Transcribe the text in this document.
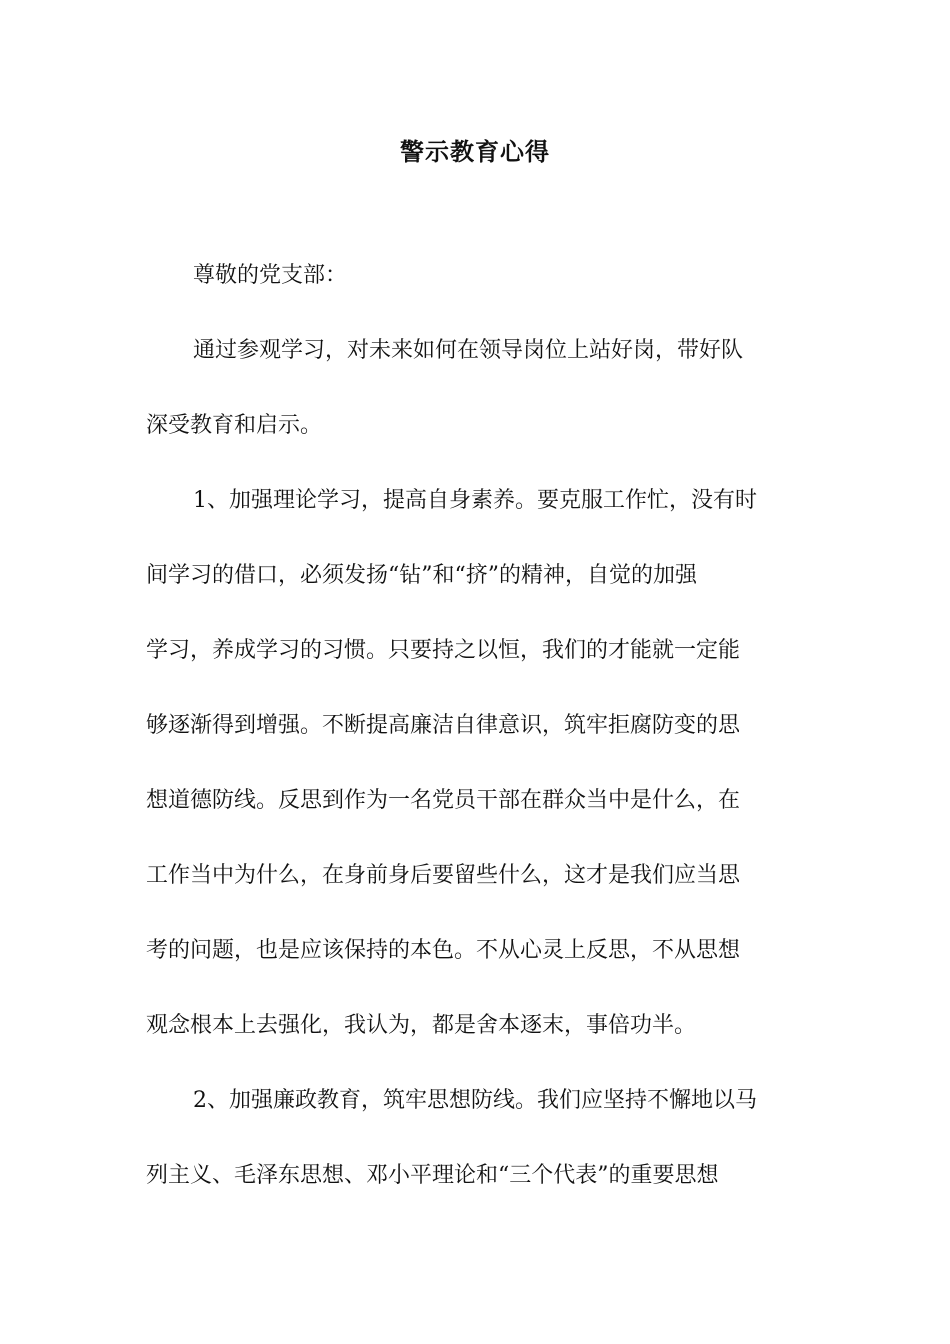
警示教育心得
尊敬的党支部：
通过参观学习，对未来如何在领导岗位上站好岗，带好队
深受教育和启示。
1、加强理论学习，提高自身素养。要克服工作忙，没有时
间学习的借口，必须发扬“钻”和“挤”的精神，自觉的加强
学习，养成学习的习惯。只要持之以恒，我们的才能就一定能
够逐渐得到增强。不断提高廉洁自律意识，筑牢拒腐防变的思
想道德防线。反思到作为一名党员干部在群众当中是什么，在
工作当中为什么，在身前身后要留些什么，这才是我们应当思
考的问题，也是应该保持的本色。不从心灵上反思，不从思想
观念根本上去强化，我认为，都是舍本逐末，事倍功半。
2、加强廉政教育，筑牢思想防线。我们应坚持不懈地以马
列主义、毛泽东思想、邓小平理论和“三个代表”的重要思想
